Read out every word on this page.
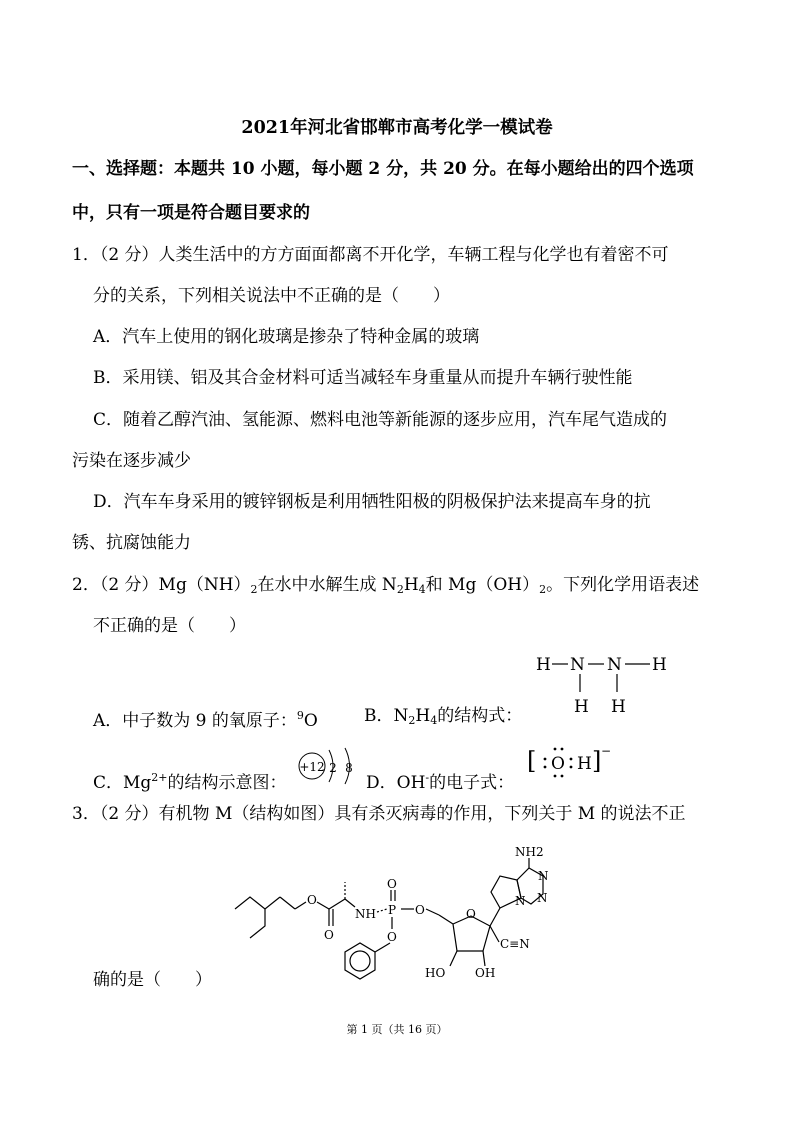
2021年河北省邯郸市高考化学一模试卷
一、选择题：本题共 10 小题，每小题 2 分，共 20 分。在每小题给出的四个选项
中，只有一项是符合题目要求的
1．（2 分）人类生活中的方方面面都离不开化学，车辆工程与化学也有着密不可
分的关系，下列相关说法中不正确的是（　　）
A．汽车上使用的钢化玻璃是掺杂了特种金属的玻璃
B．采用镁、铝及其合金材料可适当减轻车身重量从而提升车辆行驶性能
C．随着乙醇汽油、氢能源、燃料电池等新能源的逐步应用，汽车尾气造成的
污染在逐步减少
D．汽车车身采用的镀锌钢板是利用牺牲阳极的阴极保护法来提高车身的抗
锈、抗腐蚀能力
2．（2 分）$Mg(NH)_2$在水中水解生成 $N_2H_4$和 $Mg(OH)_2$。下列化学用语表述
不正确的是（　　）
H N N H
H H
A．中子数为 9 的氧原子：$^9$O	B．$N_2H_4$的结构式：
C．$Mg^{2+}$的结构示意图：
+12 2 8
D．OH-的电子式：
[ O H ] −
3．（2 分）有机物 M（结构如图）具有杀灭病毒的作用，下列关于 M 的说法不正
O
O
NH P
O
O
O	O
HO OH
C≡N
NH2
N
N
N
确的是（　　）
第 1 页（共 16 页）
